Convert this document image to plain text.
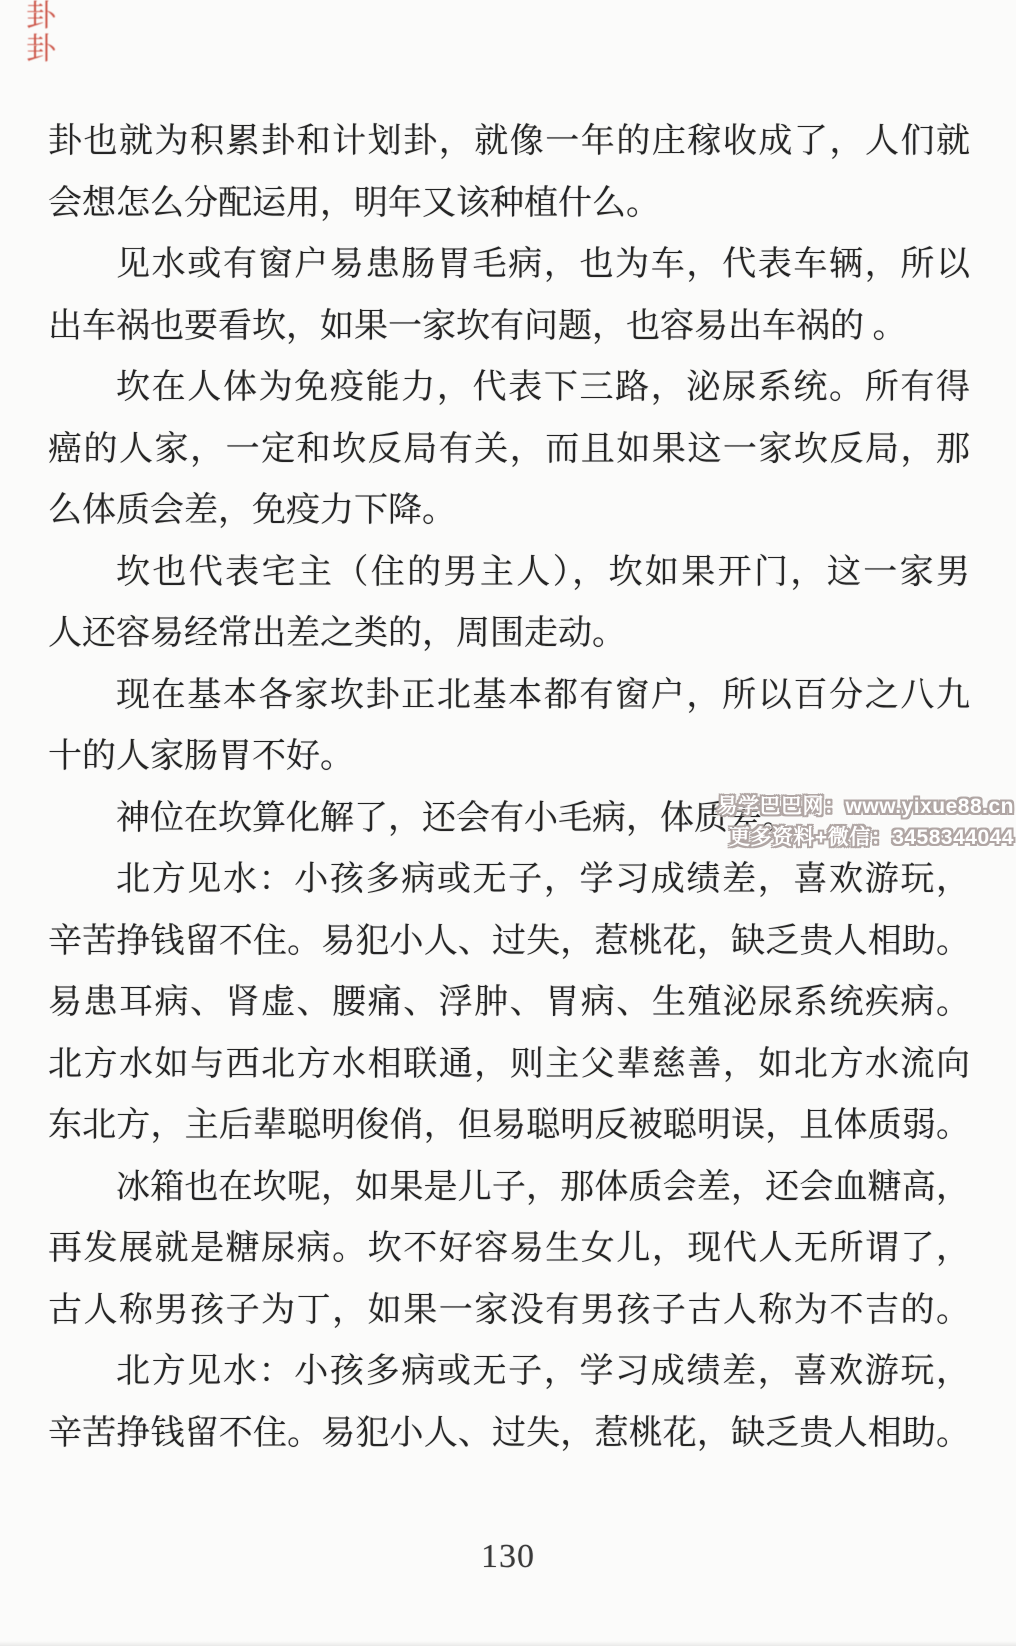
卦
卦
卦也就为积累卦和计划卦，就像一年的庄稼收成了，人们就
会想怎么分配运用，明年又该种植什么。
见水或有窗户易患肠胃毛病，也为车，代表车辆，所以
出车祸也要看坎，如果一家坎有问题，也容易出车祸的 。
坎在人体为免疫能力，代表下三路，泌尿系统。所有得
癌的人家，一定和坎反局有关，而且如果这一家坎反局，那
么体质会差，免疫力下降。
坎也代表宅主（住的男主人），坎如果开门，这一家男
人还容易经常出差之类的，周围走动。
现在基本各家坎卦正北基本都有窗户，所以百分之八九
十的人家肠胃不好。
神位在坎算化解了，还会有小毛病，体质差。
北方见水：小孩多病或无子，学习成绩差，喜欢游玩，
辛苦挣钱留不住。易犯小人、过失，惹桃花，缺乏贵人相助。
易患耳病、肾虚、腰痛、浮肿、胃病、生殖泌尿系统疾病。
北方水如与西北方水相联通，则主父辈慈善，如北方水流向
东北方，主后辈聪明俊俏，但易聪明反被聪明误，且体质弱。
冰箱也在坎呢，如果是儿子，那体质会差，还会血糖高，
再发展就是糖尿病。坎不好容易生女儿，现代人无所谓了，
古人称男孩子为丁，如果一家没有男孩子古人称为不吉的。
北方见水：小孩多病或无子，学习成绩差，喜欢游玩，
辛苦挣钱留不住。易犯小人、过失，惹桃花，缺乏贵人相助。
易学巴巴网：www.yixue88.cn
更多资料+微信：3458344044
130
